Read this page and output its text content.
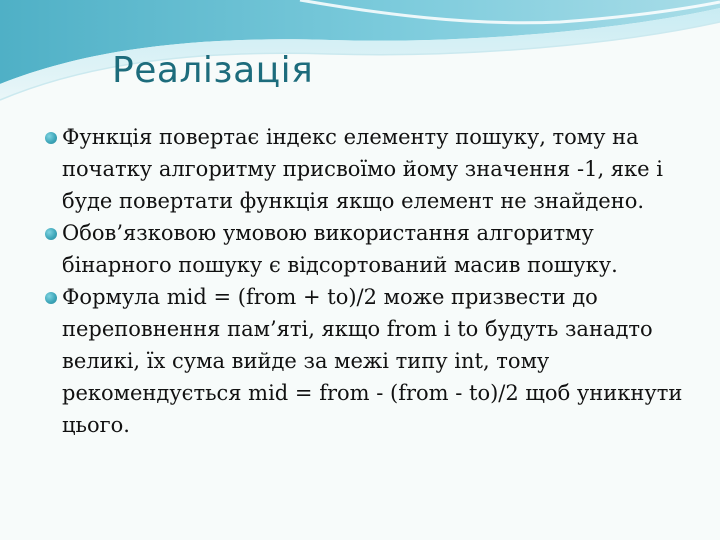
Реалізація
Функція повертає індекс елементу пошуку, тому на початку алгоритму присвоїмо йому значення -1, яке і буде повертати функція якщо елемент не знайдено.
Обов’язковою умовою використання алгоритму бінарного пошуку є відсортований масив пошуку.
Формула mid = (from + to)/2 може призвести до переповнення пам’яті, якщо from і to будуть занадто великі, їх сума вийде за межі типу int, тому рекомендується mid = from - (from - to)/2 щоб уникнути цього.
